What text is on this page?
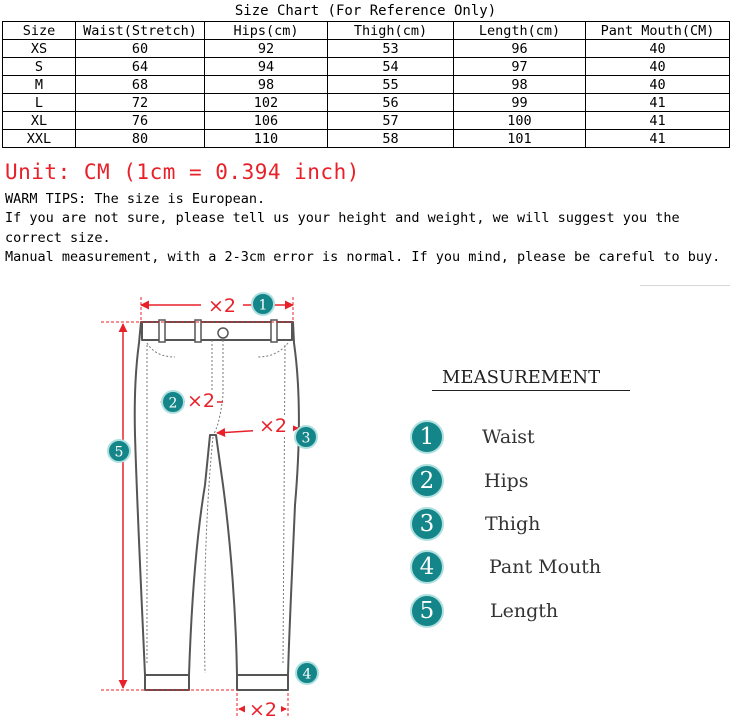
Size Chart (For Reference Only)
Size	Waist(Stretch)	Hips(cm)	Thigh(cm)	Length(cm)	Pant Mouth(CM)
XS	60	92	53	96	40
S	64	94	54	97	40
M	68	98	55	98	40
L	72	102	56	99	41
XL	76	106	57	100	41
XXL	80	110	58	101	41
Unit: CM (1cm = 0.394 inch)

WARM TIPS: The size is European.

If you are not sure, please tell us your height and weight, we will suggest you the correct size.

Manual measurement, with a 2-3cm error is normal. If you mind, please be careful to buy.

×2 1
5
2 ×2
×2
3
×2
4
MEASUREMENT
1	Waist
2	Hips
3	Thigh
4	Pant Mouth
5	Length
